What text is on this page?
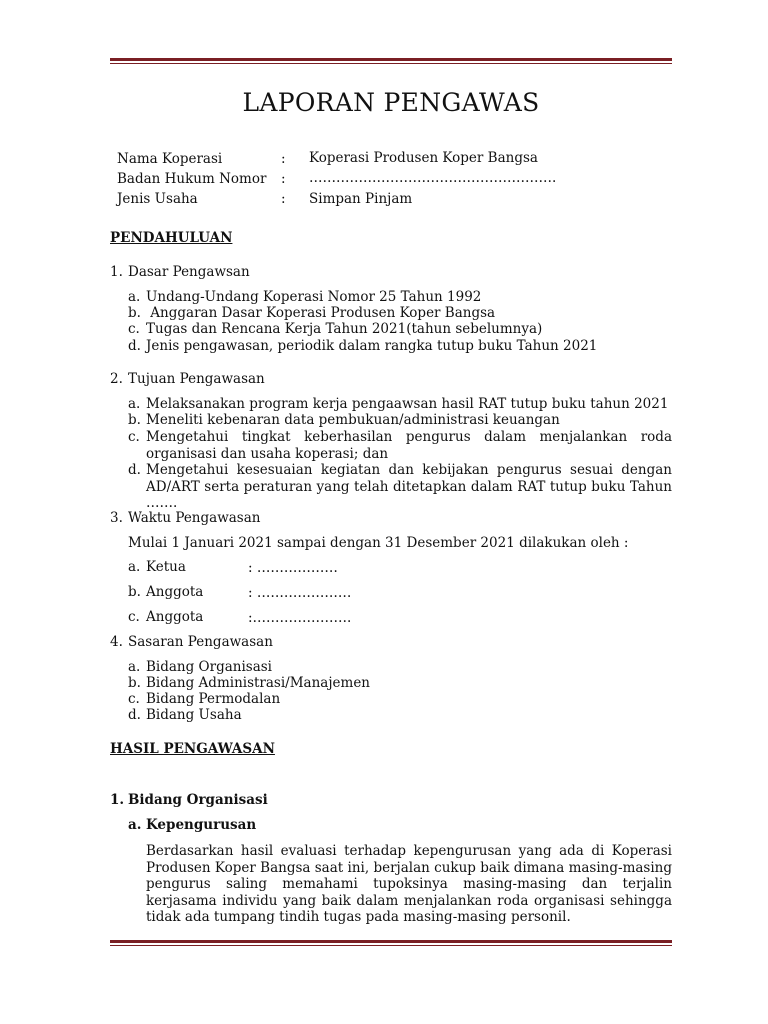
LAPORAN PENGAWAS
Nama Koperasi	: Koperasi Produsen Koper Bangsa
Badan Hukum Nomor : ……………………………………………….
Jenis Usaha	: Simpan Pinjam
PENDAHULUAN
1. Dasar Pengawsan
a. Undang-Undang Koperasi Nomor 25 Tahun 1992
b. Anggaran Dasar Koperasi Produsen Koper Bangsa
c. Tugas dan Rencana Kerja Tahun 2021(tahun sebelumnya)
d. Jenis pengawasan, periodik dalam rangka tutup buku Tahun 2021
2. Tujuan Pengawasan
a. Melaksanakan program kerja pengaawsan hasil RAT tutup buku tahun 2021
b. Meneliti kebenaran data pembukuan/administrasi keuangan
c. Mengetahui tingkat keberhasilan pengurus dalam menjalankan roda organisasi dan usaha koperasi; dan
d. Mengetahui kesesuaian kegiatan dan kebijakan pengurus sesuai dengan AD/ART serta peraturan yang telah ditetapkan dalam RAT tutup buku Tahun …….
3. Waktu Pengawasan
Mulai 1 Januari 2021 sampai dengan 31 Desember 2021 dilakukan oleh :
a. Ketua	: ………………
b. Anggota	: …………………
c. Anggota	:………………….
4. Sasaran Pengawasan
a. Bidang Organisasi
b. Bidang Administrasi/Manajemen
c. Bidang Permodalan
d. Bidang Usaha
HASIL PENGAWASAN
1. Bidang Organisasi
a. Kepengurusan
Berdasarkan hasil evaluasi terhadap kepengurusan yang ada di Koperasi Produsen Koper Bangsa saat ini, berjalan cukup baik dimana masing-masing pengurus saling memahami tupoksinya masing-masing dan terjalin kerjasama individu yang baik dalam menjalankan roda organisasi sehingga tidak ada tumpang tindih tugas pada masing-masing personil.
